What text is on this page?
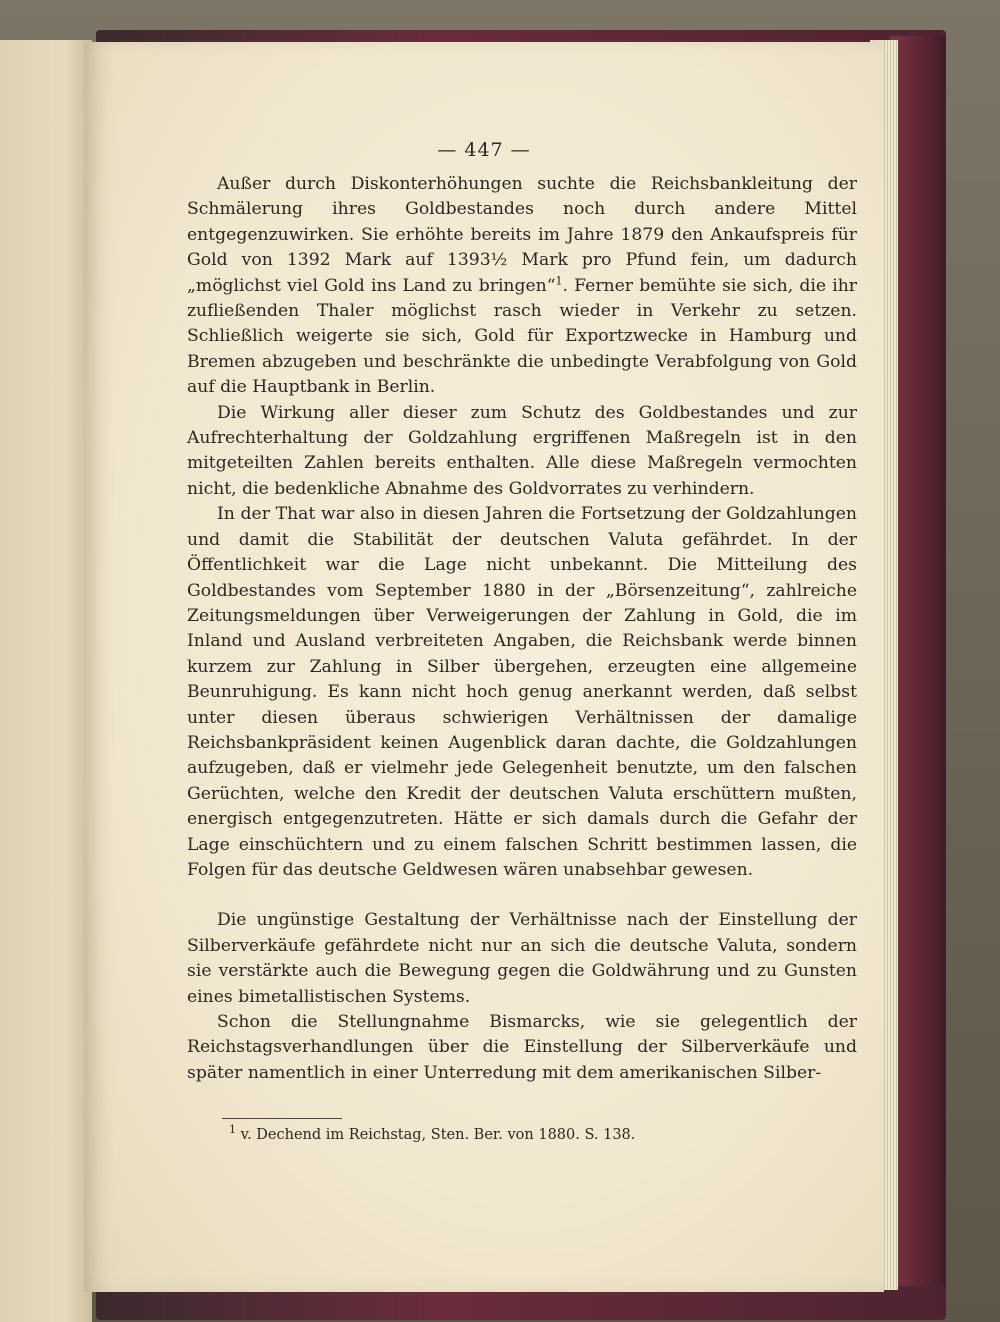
— 447 —

Außer durch Diskonterhöhungen suchte die Reichsbankleitung der Schmälerung ihres Goldbestandes noch durch andere Mittel entgegenzuwirken. Sie erhöhte bereits im Jahre 1879 den Ankaufspreis für Gold von 1392 Mark auf 1393½ Mark pro Pfund fein, um dadurch „möglichst viel Gold ins Land zu bringen“$^1$. Ferner bemühte sie sich, die ihr zufließenden Thaler möglichst rasch wieder in Verkehr zu setzen. Schließlich weigerte sie sich, Gold für Exportzwecke in Hamburg und Bremen abzugeben und beschränkte die unbedingte Verabfolgung von Gold auf die Hauptbank in Berlin.

Die Wirkung aller dieser zum Schutz des Goldbestandes und zur Aufrechterhaltung der Goldzahlung ergriffenen Maßregeln ist in den mitgeteilten Zahlen bereits enthalten. Alle diese Maßregeln vermochten nicht, die bedenkliche Abnahme des Goldvorrates zu verhindern.

In der That war also in diesen Jahren die Fortsetzung der Goldzahlungen und damit die Stabilität der deutschen Valuta gefährdet. In der Öffentlichkeit war die Lage nicht unbekannt. Die Mitteilung des Goldbestandes vom September 1880 in der „Börsenzeitung“, zahlreiche Zeitungsmeldungen über Verweigerungen der Zahlung in Gold, die im Inland und Ausland verbreiteten Angaben, die Reichsbank werde binnen kurzem zur Zahlung in Silber übergehen, erzeugten eine allgemeine Beunruhigung. Es kann nicht hoch genug anerkannt werden, daß selbst unter diesen überaus schwierigen Verhältnissen der damalige Reichsbankpräsident keinen Augenblick daran dachte, die Goldzahlungen aufzugeben, daß er vielmehr jede Gelegenheit benutzte, um den falschen Gerüchten, welche den Kredit der deutschen Valuta erschüttern mußten, energisch entgegenzutreten. Hätte er sich damals durch die Gefahr der Lage einschüchtern und zu einem falschen Schritt bestimmen lassen, die Folgen für das deutsche Geldwesen wären unabsehbar gewesen.

Die ungünstige Gestaltung der Verhältnisse nach der Einstellung der Silberverkäufe gefährdete nicht nur an sich die deutsche Valuta, sondern sie verstärkte auch die Bewegung gegen die Goldwährung und zu Gunsten eines bimetallistischen Systems.

Schon die Stellungnahme Bismarcks, wie sie gelegentlich der Reichstagsverhandlungen über die Einstellung der Silberverkäufe und später namentlich in einer Unterredung mit dem amerikanischen Silber-

$^1$ v. Dechend im Reichstag, Sten. Ber. von 1880. S. 138.
